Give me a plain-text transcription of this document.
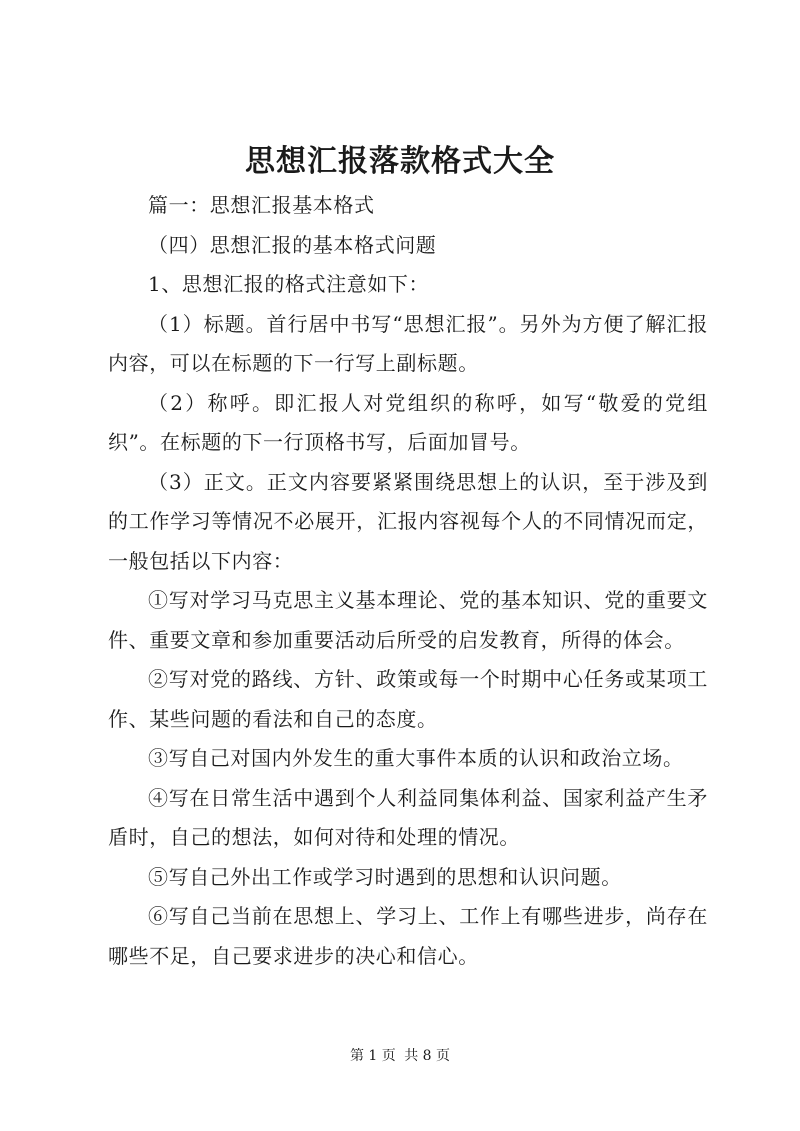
思想汇报落款格式大全

篇一：思想汇报基本格式

（四）思想汇报的基本格式问题

1、思想汇报的格式注意如下：

（1）标题。首行居中书写“思想汇报”。另外为方便了解汇报内容，可以在标题的下一行写上副标题。

（2）称呼。即汇报人对党组织的称呼，如写“敬爱的党组织”。在标题的下一行顶格书写，后面加冒号。

（3）正文。正文内容要紧紧围绕思想上的认识，至于涉及到的工作学习等情况不必展开，汇报内容视每个人的不同情况而定，一般包括以下内容：

①写对学习马克思主义基本理论、党的基本知识、党的重要文件、重要文章和参加重要活动后所受的启发教育，所得的体会。

②写对党的路线、方针、政策或每一个时期中心任务或某项工作、某些问题的看法和自己的态度。

③写自己对国内外发生的重大事件本质的认识和政治立场。

④写在日常生活中遇到个人利益同集体利益、国家利益产生矛盾时，自己的想法，如何对待和处理的情况。

⑤写自己外出工作或学习时遇到的思想和认识问题。

⑥写自己当前在思想上、学习上、工作上有哪些进步，尚存在哪些不足，自己要求进步的决心和信心。

第 1 页 共 8 页
